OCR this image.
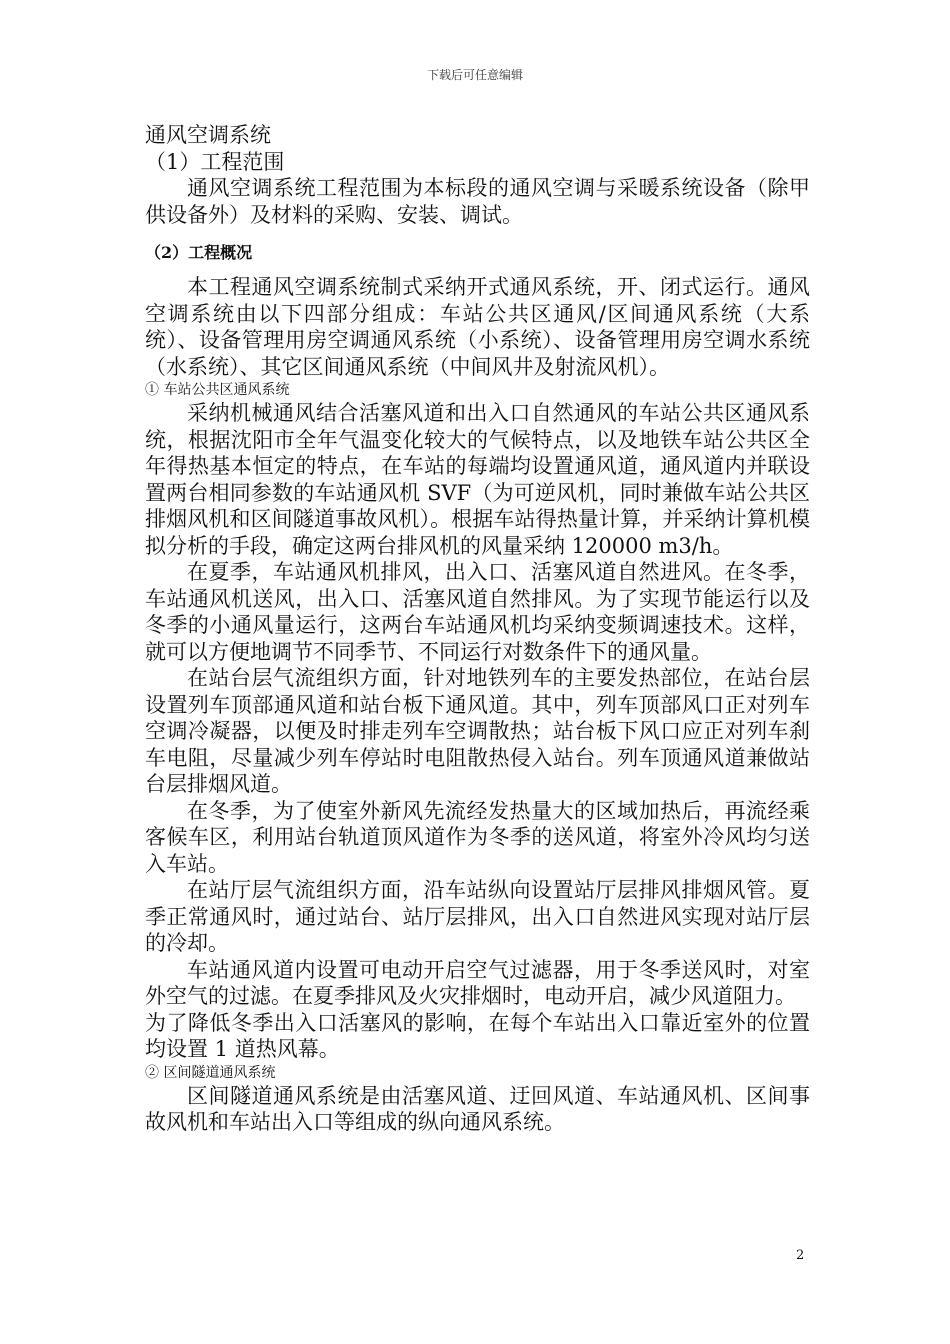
下载后可任意编辑

通风空调系统

（1）工程范围

通风空调系统工程范围为本标段的通风空调与采暖系统设备（除甲供设备外）及材料的采购、安装、调试。

（2）工程概况

本工程通风空调系统制式采纳开式通风系统，开、闭式运行。通风空调系统由以下四部分组成：车站公共区通风/区间通风系统（大系统）、设备管理用房空调通风系统（小系统）、设备管理用房空调水系统（水系统）、其它区间通风系统（中间风井及射流风机）。

① 车站公共区通风系统

采纳机械通风结合活塞风道和出入口自然通风的车站公共区通风系统，根据沈阳市全年气温变化较大的气候特点，以及地铁车站公共区全年得热基本恒定的特点，在车站的每端均设置通风道，通风道内并联设置两台相同参数的车站通风机 SVF（为可逆风机，同时兼做车站公共区排烟风机和区间隧道事故风机）。根据车站得热量计算，并采纳计算机模拟分析的手段，确定这两台排风机的风量采纳 120000 m3/h。

在夏季，车站通风机排风，出入口、活塞风道自然进风。在冬季，车站通风机送风，出入口、活塞风道自然排风。为了实现节能运行以及冬季的小通风量运行，这两台车站通风机均采纳变频调速技术。这样，就可以方便地调节不同季节、不同运行对数条件下的通风量。

在站台层气流组织方面，针对地铁列车的主要发热部位，在站台层设置列车顶部通风道和站台板下通风道。其中，列车顶部风口正对列车空调冷凝器，以便及时排走列车空调散热；站台板下风口应正对列车刹车电阻，尽量减少列车停站时电阻散热侵入站台。列车顶通风道兼做站台层排烟风道。

在冬季，为了使室外新风先流经发热量大的区域加热后，再流经乘客候车区，利用站台轨道顶风道作为冬季的送风道，将室外冷风均匀送入车站。

在站厅层气流组织方面，沿车站纵向设置站厅层排风排烟风管。夏季正常通风时，通过站台、站厅层排风，出入口自然进风实现对站厅层的冷却。

车站通风道内设置可电动开启空气过滤器，用于冬季送风时，对室外空气的过滤。在夏季排风及火灾排烟时，电动开启，减少风道阻力。

为了降低冬季出入口活塞风的影响，在每个车站出入口靠近室外的位置均设置 1 道热风幕。

② 区间隧道通风系统

区间隧道通风系统是由活塞风道、迂回风道、车站通风机、区间事故风机和车站出入口等组成的纵向通风系统。

2
